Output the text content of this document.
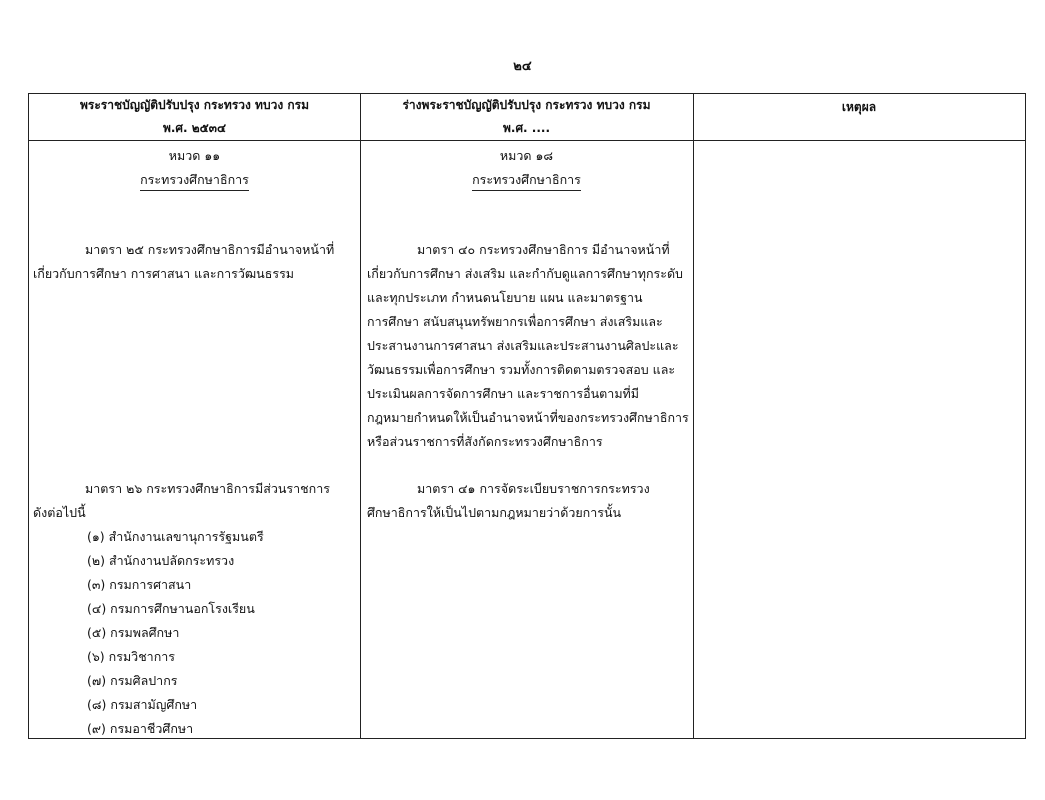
๒๔
พระราชบัญญัติปรับปรุง กระทรวง ทบวง กรม
พ.ศ. ๒๕๓๔
ร่างพระราชบัญญัติปรับปรุง กระทรวง ทบวง กรม
พ.ศ. ....
เหตุผล
หมวด ๑๑
กระทรวงศึกษาธิการ
มาตรา ๒๕ กระทรวงศึกษาธิการมีอำนาจหน้าที่
เกี่ยวกับการศึกษา การศาสนา และการวัฒนธรรม
มาตรา ๒๖ กระทรวงศึกษาธิการมีส่วนราชการ
ดังต่อไปนี้
(๑) สำนักงานเลขานุการรัฐมนตรี
(๒) สำนักงานปลัดกระทรวง
(๓) กรมการศาสนา
(๔) กรมการศึกษานอกโรงเรียน
(๕) กรมพลศึกษา
(๖) กรมวิชาการ
(๗) กรมศิลปากร
(๘) กรมสามัญศึกษา
(๙) กรมอาชีวศึกษา
หมวด ๑๘
กระทรวงศึกษาธิการ
มาตรา ๔๐ กระทรวงศึกษาธิการ มีอำนาจหน้าที่
เกี่ยวกับการศึกษา ส่งเสริม และกำกับดูแลการศึกษาทุกระดับ
และทุกประเภท กำหนดนโยบาย แผน และมาตรฐาน
การศึกษา สนับสนุนทรัพยากรเพื่อการศึกษา ส่งเสริมและ
ประสานงานการศาสนา ส่งเสริมและประสานงานศิลปะและ
วัฒนธรรมเพื่อการศึกษา รวมทั้งการติดตามตรวจสอบ และ
ประเมินผลการจัดการศึกษา และราชการอื่นตามที่มี
กฎหมายกำหนดให้เป็นอำนาจหน้าที่ของกระทรวงศึกษาธิการ
หรือส่วนราชการที่สังกัดกระทรวงศึกษาธิการ
มาตรา ๔๑ การจัดระเบียบราชการกระทรวง
ศึกษาธิการให้เป็นไปตามกฎหมายว่าด้วยการนั้น
